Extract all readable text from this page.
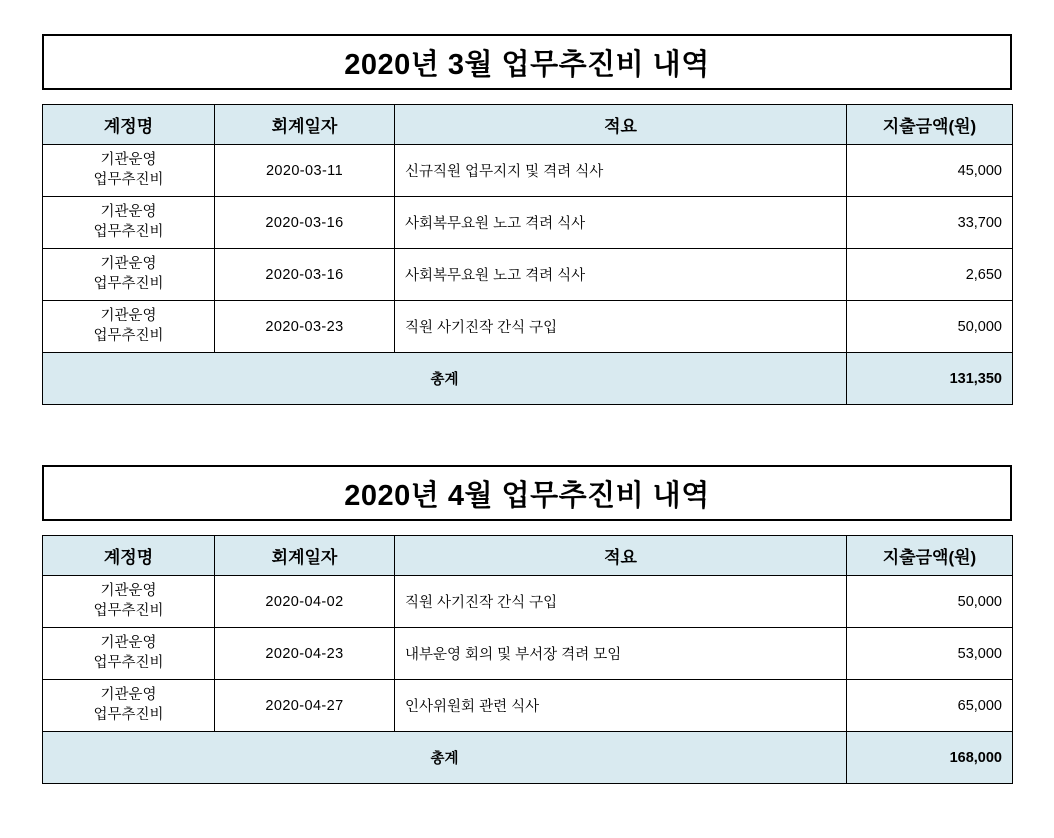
2020년 3월 업무추진비 내역
계정명	회계일자	적요	지출금액(원)
기관운영
업무추진비	2020-03-11	신규직원 업무지지 및 격려 식사	45,000
기관운영
업무추진비	2020-03-16	사회복무요원 노고 격려 식사	33,700
기관운영
업무추진비	2020-03-16	사회복무요원 노고 격려 식사	2,650
기관운영
업무추진비	2020-03-23	직원 사기진작 간식 구입	50,000
총계			131,350
2020년 4월 업무추진비 내역
계정명	회계일자	적요	지출금액(원)
기관운영
업무추진비	2020-04-02	직원 사기진작 간식 구입	50,000
기관운영
업무추진비	2020-04-23	내부운영 회의 및 부서장 격려 모임	53,000
기관운영
업무추진비	2020-04-27	인사위원회 관련 식사	65,000
총계			168,000
